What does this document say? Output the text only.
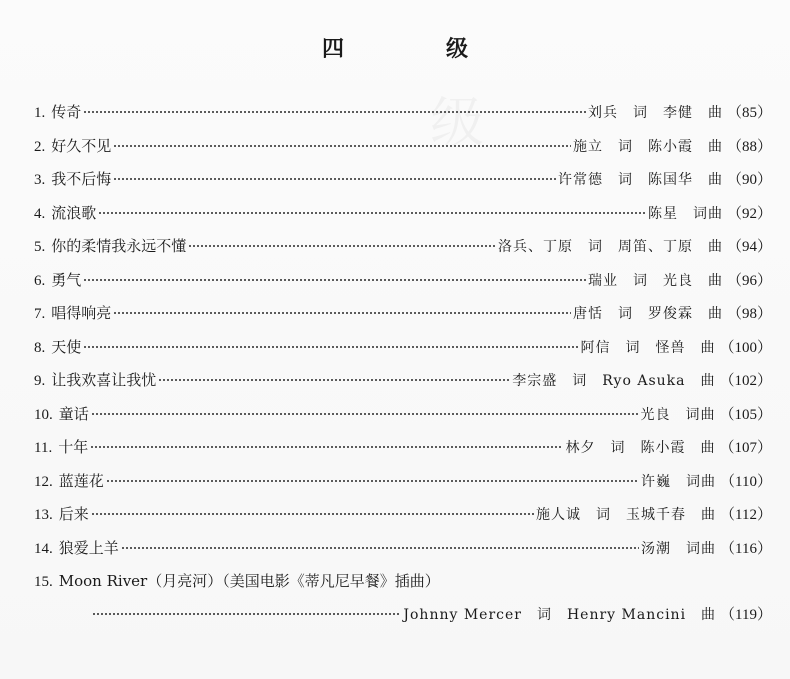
四　级
1. 传奇	刘兵　词　李健　曲 （85）
2. 好久不见	施立　词　陈小霞　曲 （88）
3. 我不后悔	许常德　词　陈国华　曲 （90）
4. 流浪歌	陈星　词曲 （92）
5. 你的柔情我永远不懂	洛兵、丁原　词　周笛、丁原　曲 （94）
6. 勇气	瑞业　词　光良　曲 （96）
7. 唱得响亮	唐恬　词　罗俊霖　曲 （98）
8. 天使	阿信　词　怪兽　曲 （100）
9. 让我欢喜让我忧	李宗盛　词　Ryo Asuka　曲 （102）
10. 童话	光良　词曲 （105）
11. 十年	林夕　词　陈小霞　曲 （107）
12. 蓝莲花	许巍　词曲 （110）
13. 后来	施人诚　词　玉城千春　曲 （112）
14. 狼爱上羊	汤潮　词曲 （116）
15. Moon River（月亮河）（美国电影《蒂凡尼早餐》插曲）
Johnny Mercer　词　Henry Mancini　曲 （119）
